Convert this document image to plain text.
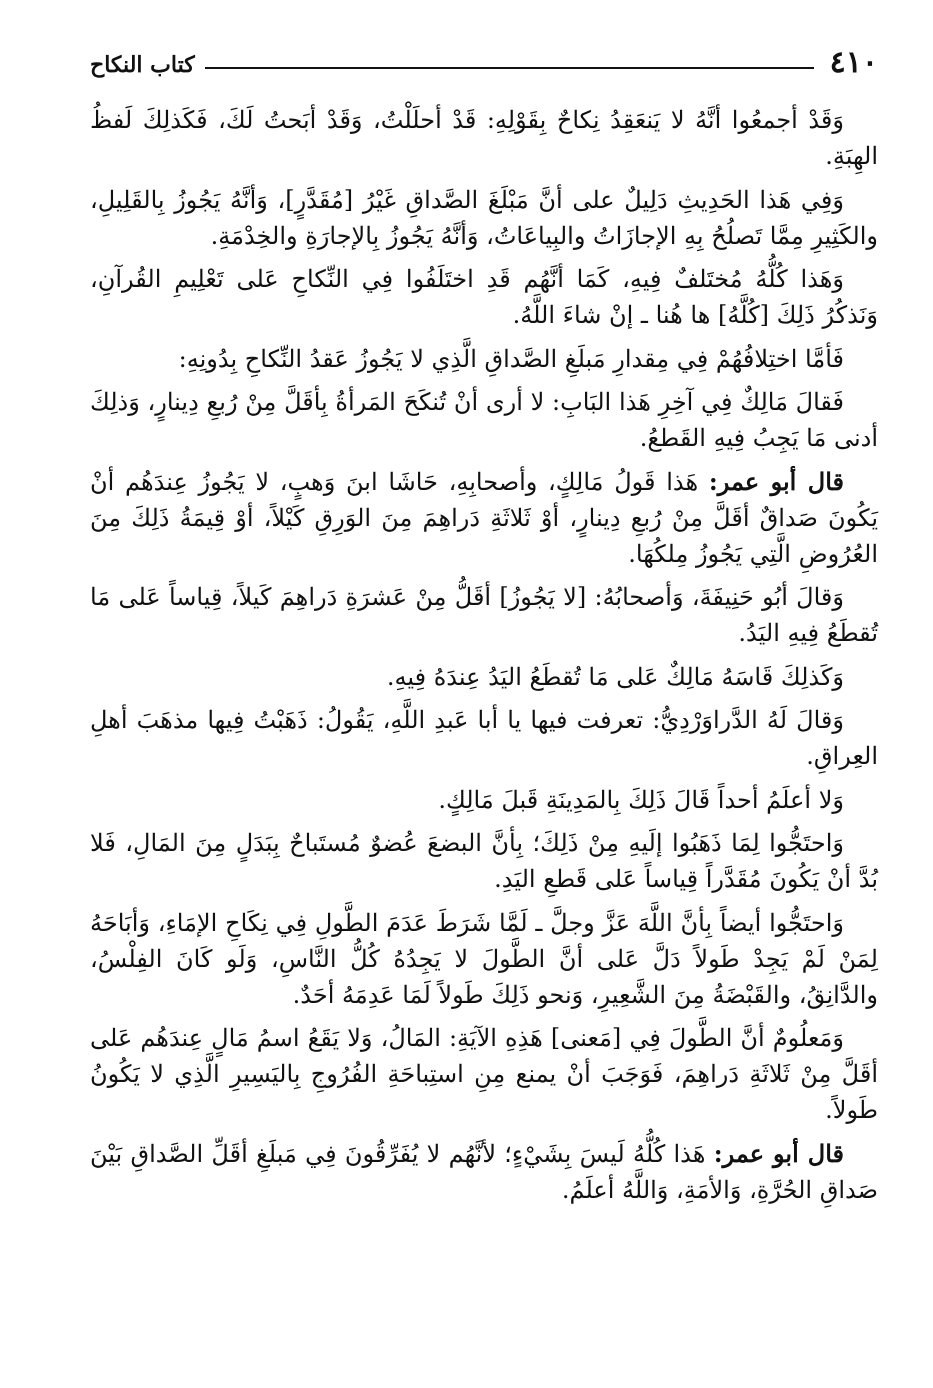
٤١٠
كتاب النكاح

وَقَدْ أجمعُوا أنَّهُ لا يَنعَقِدُ نِكاحٌ بِقَوْلِهِ: قَدْ أحلَلْتُ، وَقَدْ أبَحتُ لَكَ، فَكَذلِكَ لَفظُ الهِبَةِ.

وَفِي هَذا الحَدِيثِ دَلِيلٌ على أنَّ مَبْلَغَ الصَّداقِ غَيْرُ [مُقَدَّرٍ]، وَأنَّهُ يَجُوزُ بِالقَلِيلِ، والكَثِيرِ مِمَّا تَصلُحُ بِهِ الإجازَاتُ والبِياعَاتُ، وَأنَّهُ يَجُوزُ بِالإجارَةِ والخِدْمَةِ.

وَهَذا كُلُّهُ مُختَلفٌ فِيهِ، كَمَا أنَّهُم قَدِ اختَلَفُوا فِي النِّكاحِ عَلى تَعْلِيمِ القُرآنِ، وَنَذكُرُ ذَلِكَ [كُلَّهُ] ها هُنا ـ إنْ شاءَ اللَّهُ.

فَأمَّا اختِلافُهُمْ فِي مِقدارِ مَبلَغِ الصَّداقِ الَّذِي لا يَجُوزُ عَقدُ النِّكاحِ بِدُونِهِ:

فَقالَ مَالِكٌ فِي آخِرِ هَذا البَابِ: لا أرى أنْ تُنكَحَ المَرأةُ بِأقَلَّ مِنْ رُبعِ دِينارٍ، وَذلِكَ أدنى مَا يَجِبُ فِيهِ القَطعُ.

قال أبو عمر: هَذا قَولُ مَالِكٍ، وأصحابِهِ، حَاشَا ابنَ وَهبٍ، لا يَجُوزُ عِندَهُم أنْ يَكُونَ صَداقٌ أقَلَّ مِنْ رُبعِ دِينارٍ، أوْ ثَلاثَةِ دَراهِمَ مِنَ الوَرِقِ كَيْلاً، أوْ قِيمَةُ ذَلِكَ مِنَ العُرُوضِ الَّتِي يَجُوزُ مِلكُهَا.

وَقالَ أبُو حَنِيفَةَ، وَأصحابُهُ: [لا يَجُوزُ] أقَلُّ مِنْ عَشرَةِ دَراهِمَ كَيلاً، قِياساً عَلى مَا تُقطَعُ فِيهِ اليَدُ.

وَكَذلِكَ قَاسَهُ مَالِكٌ عَلى مَا تُقطَعُ اليَدُ عِندَهُ فِيهِ.

وَقالَ لَهُ الدَّراوَرْدِيُّ: تعرفت فيها يا أبا عَبدِ اللَّهِ، يَقُولُ: ذَهَبْتُ فِيها مذهَبَ أهلِ العِراقِ.

وَلا أعلَمُ أحداً قَالَ ذَلِكَ بِالمَدِينَةِ قَبلَ مَالِكٍ.

وَاحتَجُّوا لِمَا ذَهَبُوا إلَيهِ مِنْ ذَلِكَ؛ بِأنَّ البضعَ عُضوٌ مُستَباحٌ بِبَدَلٍ مِنَ المَالِ، فَلا بُدَّ أنْ يَكُونَ مُقَدَّراً قِياساً عَلى قَطعِ اليَدِ.

وَاحتَجُّوا أيضاً بِأنَّ اللَّهَ عَزَّ وجلَّ ـ لَمَّا شَرَطَ عَدَمَ الطَّولِ فِي نِكَاحِ الإمَاءِ، وَأبَاحَهُ لِمَنْ لَمْ يَجِدْ طَولاً دَلَّ عَلى أنَّ الطَّولَ لا يَجِدُهُ كُلُّ النَّاسِ، وَلَو كَانَ الفِلْسُ، والدَّانِقُ، والقَبْضَةُ مِنَ الشَّعِيرِ، وَنحو ذَلِكَ طَولاً لَمَا عَدِمَهُ أحَدٌ.

وَمَعلُومٌ أنَّ الطَّولَ فِي [مَعنى] هَذِهِ الآيَةِ: المَالُ، وَلا يَقَعُ اسمُ مَالٍ عِندَهُم عَلى أقَلَّ مِنْ ثَلاثَةِ دَراهِمَ، فَوَجَبَ أنْ يمنع مِنِ استِباحَةِ الفُرُوجِ بِاليَسِيرِ الَّذِي لا يَكُونُ طَولاً.

قال أبو عمر: هَذا كُلُّهُ لَيسَ بِشَيْءٍ؛ لأنَّهُم لا يُفَرِّقُونَ فِي مَبلَغِ أقَلِّ الصَّداقِ بَيْنَ صَداقِ الحُرَّةِ، وَالأمَةِ، وَاللَّهُ أعلَمُ.
